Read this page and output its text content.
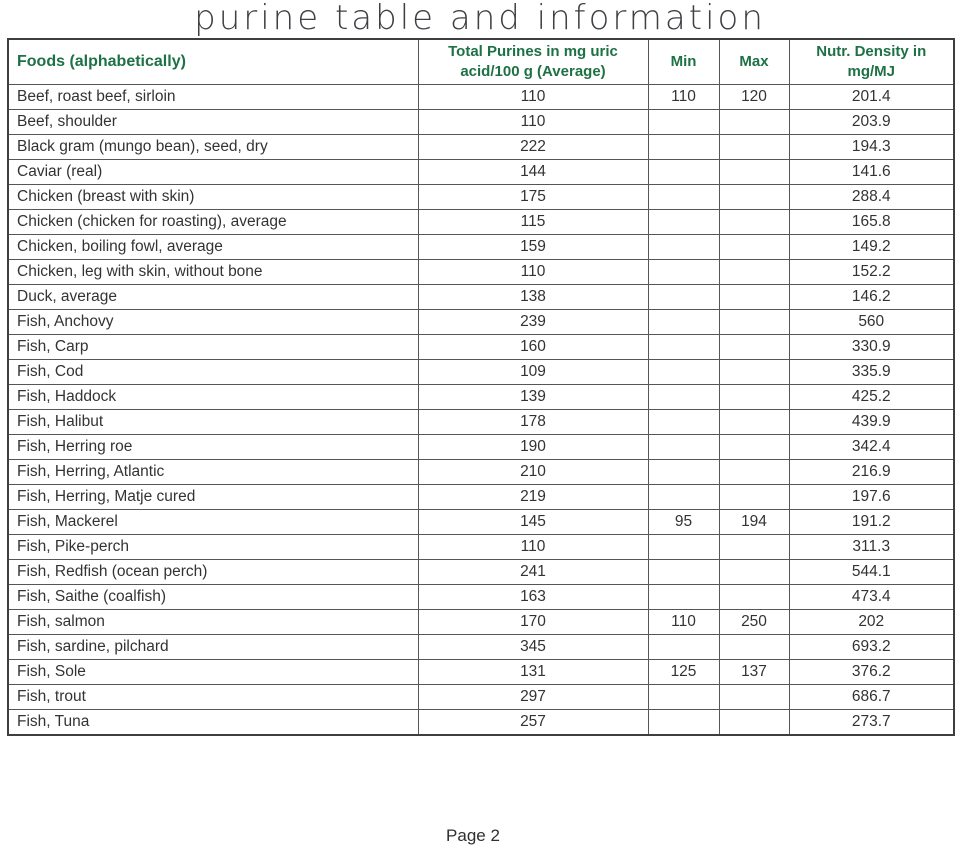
purine table and information
Foods (alphabetically)	Total Purines in mg uric acid/100 g (Average)	Min	Max	Nutr. Density in mg/MJ
Beef, roast beef, sirloin	110	110	120	201.4
Beef, shoulder	110			203.9
Black gram (mungo bean), seed, dry	222			194.3
Caviar (real)	144			141.6
Chicken (breast with skin)	175			288.4
Chicken (chicken for roasting), average	115			165.8
Chicken, boiling fowl, average	159			149.2
Chicken, leg with skin, without bone	110			152.2
Duck, average	138			146.2
Fish, Anchovy	239			560
Fish, Carp	160			330.9
Fish, Cod	109			335.9
Fish, Haddock	139			425.2
Fish, Halibut	178			439.9
Fish, Herring roe	190			342.4
Fish, Herring, Atlantic	210			216.9
Fish, Herring, Matje cured	219			197.6
Fish, Mackerel	145	95	194	191.2
Fish, Pike-perch	110			311.3
Fish, Redfish (ocean perch)	241			544.1
Fish, Saithe (coalfish)	163			473.4
Fish, salmon	170	110	250	202
Fish, sardine, pilchard	345			693.2
Fish, Sole	131	125	137	376.2
Fish, trout	297			686.7
Fish, Tuna	257			273.7
Page 2
